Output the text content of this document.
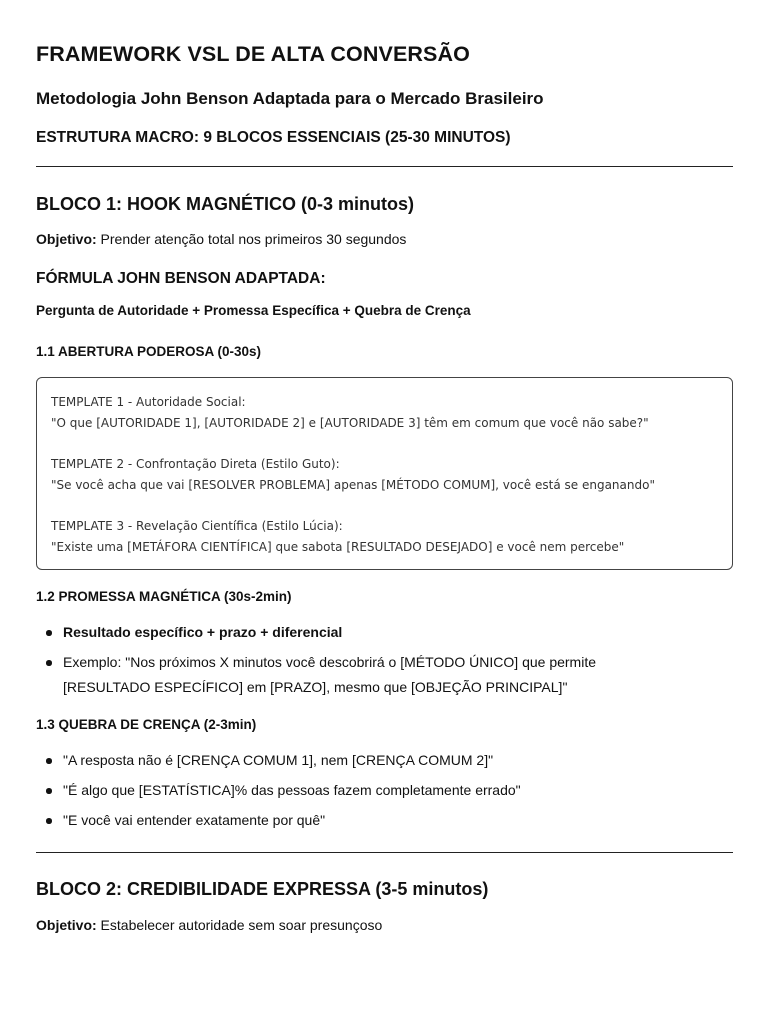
FRAMEWORK VSL DE ALTA CONVERSÃO
Metodologia John Benson Adaptada para o Mercado Brasileiro
ESTRUTURA MACRO: 9 BLOCOS ESSENCIAIS (25-30 MINUTOS)
BLOCO 1: HOOK MAGNÉTICO (0-3 minutos)

Objetivo: Prender atenção total nos primeiros 30 segundos

FÓRMULA JOHN BENSON ADAPTADA:

Pergunta de Autoridade + Promessa Específica + Quebra de Crença

1.1 ABERTURA PODEROSA (0-30s)
TEMPLATE 1 - Autoridade Social:
"O que [AUTORIDADE 1], [AUTORIDADE 2] e [AUTORIDADE 3] têm em comum que você não sabe?"
TEMPLATE 2 - Confrontação Direta (Estilo Guto):
"Se você acha que vai [RESOLVER PROBLEMA] apenas [MÉTODO COMUM], você está se enganando"
TEMPLATE 3 - Revelação Científica (Estilo Lúcia):
"Existe uma [METÁFORA CIENTÍFICA] que sabota [RESULTADO DESEJADO] e você nem percebe"
1.2 PROMESSA MAGNÉTICA (30s-2min)
Resultado específico + prazo + diferencial
Exemplo: "Nos próximos X minutos você descobrirá o [MÉTODO ÚNICO] que permite
[RESULTADO ESPECÍFICO] em [PRAZO], mesmo que [OBJEÇÃO PRINCIPAL]"
1.3 QUEBRA DE CRENÇA (2-3min)
"A resposta não é [CRENÇA COMUM 1], nem [CRENÇA COMUM 2]"
"É algo que [ESTATÍSTICA]% das pessoas fazem completamente errado"
"E você vai entender exatamente por quê"
BLOCO 2: CREDIBILIDADE EXPRESSA (3-5 minutos)

Objetivo: Estabelecer autoridade sem soar presunçoso
